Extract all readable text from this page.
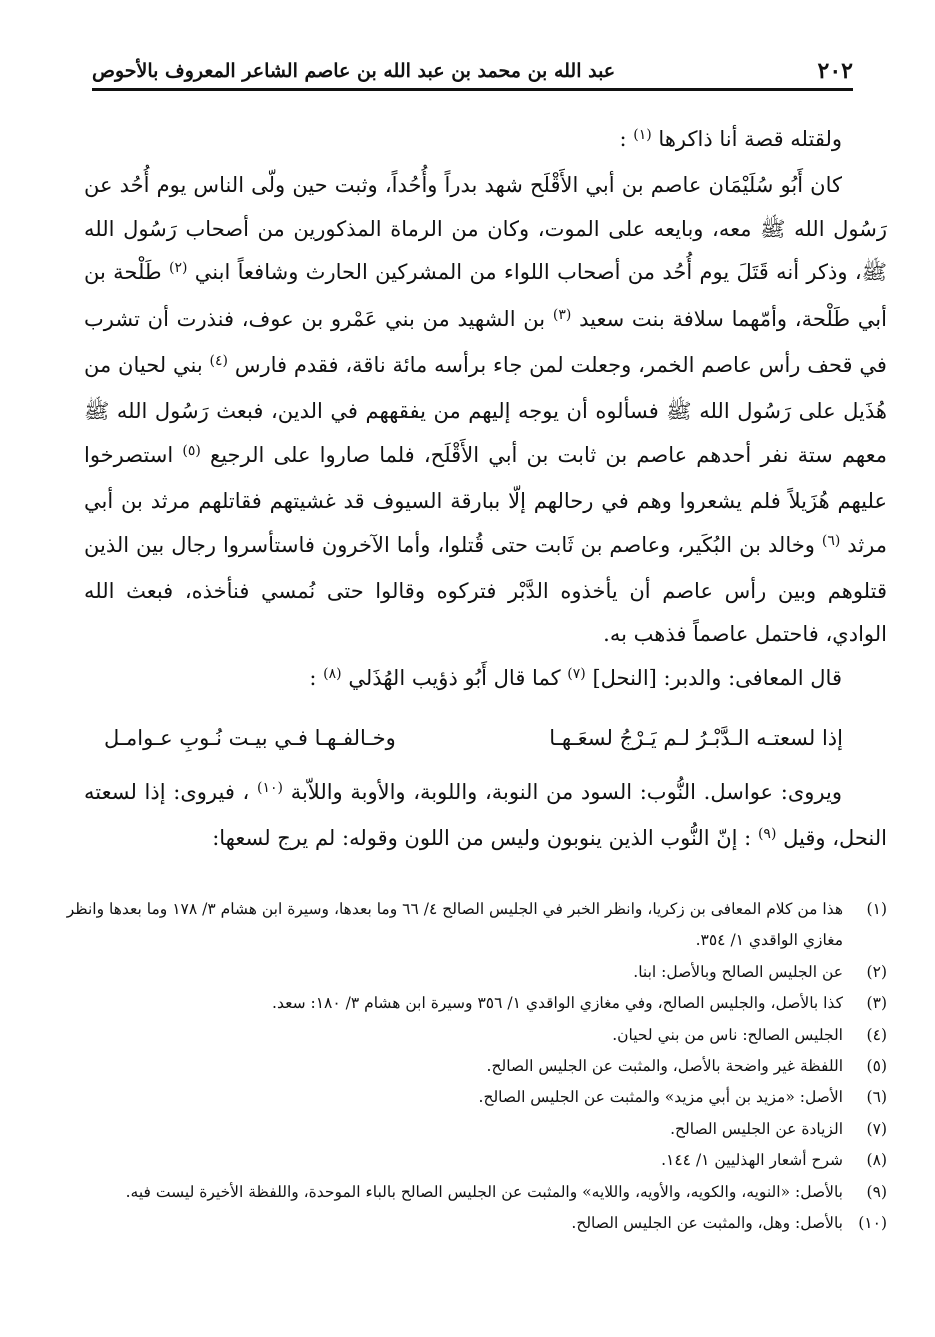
٢٠٢
عبد الله بن محمد بن عبد الله بن عاصم الشاعر المعروف بالأحوص

ولقتله قصة أنا ذاكرها $^{(١)}$ :

كان أَبُو سُلَيْمَان عاصم بن أبي الأَقْلَح شهد بدراً وأُحُداً، وثبت حين ولّى الناس يوم أُحُد عن رَسُول الله ﷺ معه، وبايعه على الموت، وكان من الرماة المذكورين من أصحاب رَسُول الله ﷺ، وذكر أنه قَتَلَ يوم أُحُد من أصحاب اللواء من المشركين الحارث وشافعاً ابني $^{(٢)}$ طَلْحة بن أبي طَلْحة، وأمّهما سلافة بنت سعيد $^{(٣)}$ بن الشهيد من بني عَمْرو بن عوف، فنذرت أن تشرب في قحف رأس عاصم الخمر، وجعلت لمن جاء برأسه مائة ناقة، فقدم فارس $^{(٤)}$ بني لحيان من هُذَيل على رَسُول الله ﷺ فسألوه أن يوجه إليهم من يفقههم في الدين، فبعث رَسُول الله ﷺ معهم ستة نفر أحدهم عاصم بن ثابت بن أبي الأَقْلَح، فلما صاروا على الرجيع $^{(٥)}$ استصرخوا عليهم هُزَيلاً فلم يشعروا وهم في رحالهم إلّا ببارقة السيوف قد غشيتهم فقاتلهم مرثد بن أبي مرثد $^{(٦)}$ وخالد بن البُكَير، وعاصم بن ثَابت حتى قُتلوا، وأما الآخرون فاستأسروا رجال بين الذين قتلوهم وبين رأس عاصم أن يأخذوه الدَّبْر فتركوه وقالوا حتى نُمسي فنأخذه، فبعث الله الوادي، فاحتمل عاصماً فذهب به.

قال المعافى: والدبر: [النحل] $^{(٧)}$ كما قال أَبُو ذؤيب الهُذَلي $^{(٨)}$ :

إذا لسعتـه الـدَّبْـرُ لـم يَـرْجُ لسعَـهـا
وخـالفـهـا فـي بيـت نُـوبِ عـوامـل

ويروى: عواسل. النُّوب: السود من النوبة، واللوبة، والأوبة واللاّبة $^{(١٠)}$ ، فيروى: إذا لسعته النحل، وقيل $^{(٩)}$ : إنّ النُّوب الذين ينوبون وليس من اللون وقوله: لم يرج لسعها:

(١)
هذا من كلام المعافى بن زكريا، وانظر الخبر في الجليس الصالح ٤/ ٦٦ وما بعدها، وسيرة ابن هشام ٣/ ١٧٨ وما بعدها وانظر مغازي الواقدي ١/ ٣٥٤.
(٢)
عن الجليس الصالح وبالأصل: ابنا.
(٣)
كذا بالأصل، والجليس الصالح، وفي مغازي الواقدي ١/ ٣٥٦ وسيرة ابن هشام ٣/ ١٨٠: سعد.
(٤)
الجليس الصالح: ناس من بني لحيان.
(٥)
اللفظة غير واضحة بالأصل، والمثبت عن الجليس الصالح.
(٦)
الأصل: «مزيد بن أبي مزيد» والمثبت عن الجليس الصالح.
(٧)
الزيادة عن الجليس الصالح.
(٨)
شرح أشعار الهذليين ١/ ١٤٤.
(٩)
بالأصل: «النويه، والكويه، والأويه، واللايه» والمثبت عن الجليس الصالح بالباء الموحدة، واللفظة الأخيرة ليست فيه.
(١٠)
بالأصل: وهل، والمثبت عن الجليس الصالح.
